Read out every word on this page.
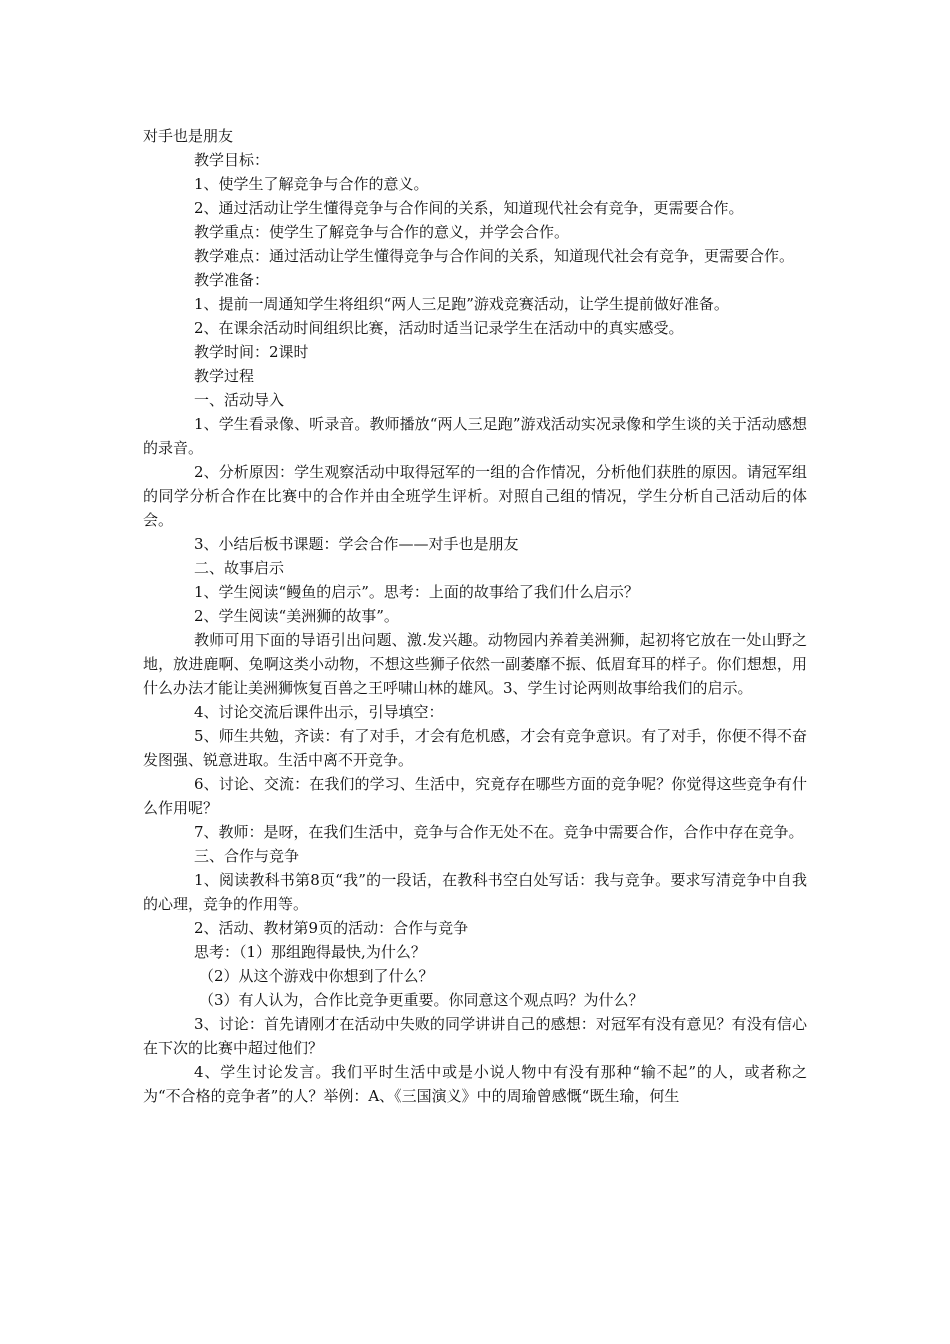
对手也是朋友

教学目标：

1、使学生了解竞争与合作的意义。

2、通过活动让学生懂得竞争与合作间的关系，知道现代社会有竞争，更需要合作。

教学重点：使学生了解竞争与合作的意义，并学会合作。

教学难点：通过活动让学生懂得竞争与合作间的关系，知道现代社会有竞争，更需要合作。

教学准备：

1、提前一周通知学生将组织“两人三足跑”游戏竞赛活动，让学生提前做好准备。

2、在课余活动时间组织比赛，活动时适当记录学生在活动中的真实感受。

教学时间：2课时

教学过程

一、活动导入

1、学生看录像、听录音。教师播放“两人三足跑”游戏活动实况录像和学生谈的关于活动感想的录音。

2、分析原因：学生观察活动中取得冠军的一组的合作情况，分析他们获胜的原因。请冠军组的同学分析合作在比赛中的合作并由全班学生评析。对照自己组的情况，学生分析自己活动后的体会。

3、小结后板书课题：学会合作——对手也是朋友

二、故事启示

1、学生阅读“鳗鱼的启示”。思考：上面的故事给了我们什么启示？

2、学生阅读“美洲狮的故事”。

教师可用下面的导语引出问题、激.发兴趣。动物园内养着美洲狮，起初将它放在一处山野之地，放进鹿啊、兔啊这类小动物，不想这些狮子依然一副萎靡不振、低眉耷耳的样子。你们想想，用什么办法才能让美洲狮恢复百兽之王呼啸山林的雄风。3、学生讨论两则故事给我们的启示。

4、讨论交流后课件出示，引导填空：

5、师生共勉，齐读：有了对手，才会有危机感，才会有竞争意识。有了对手，你便不得不奋发图强、锐意进取。生活中离不开竞争。

6、讨论、交流：在我们的学习、生活中，究竟存在哪些方面的竞争呢？你觉得这些竞争有什么作用呢？

7、教师：是呀，在我们生活中，竞争与合作无处不在。竞争中需要合作，合作中存在竞争。

三、合作与竞争

1、阅读教科书第8页“我”的一段话，在教科书空白处写话：我与竞争。要求写清竞争中自我的心理，竞争的作用等。

2、活动、教材第9页的活动：合作与竞争

思考：（1）那组跑得最快,为什么？

（2）从这个游戏中你想到了什么？

（3）有人认为，合作比竞争更重要。你同意这个观点吗？为什么？

3、讨论：首先请刚才在活动中失败的同学讲讲自己的感想：对冠军有没有意见？有没有信心在下次的比赛中超过他们？

4、学生讨论发言。我们平时生活中或是小说人物中有没有那种“输不起”的人，或者称之为“不合格的竞争者”的人？举例：A、《三国演义》中的周瑜曾感慨“既生瑜，何生
